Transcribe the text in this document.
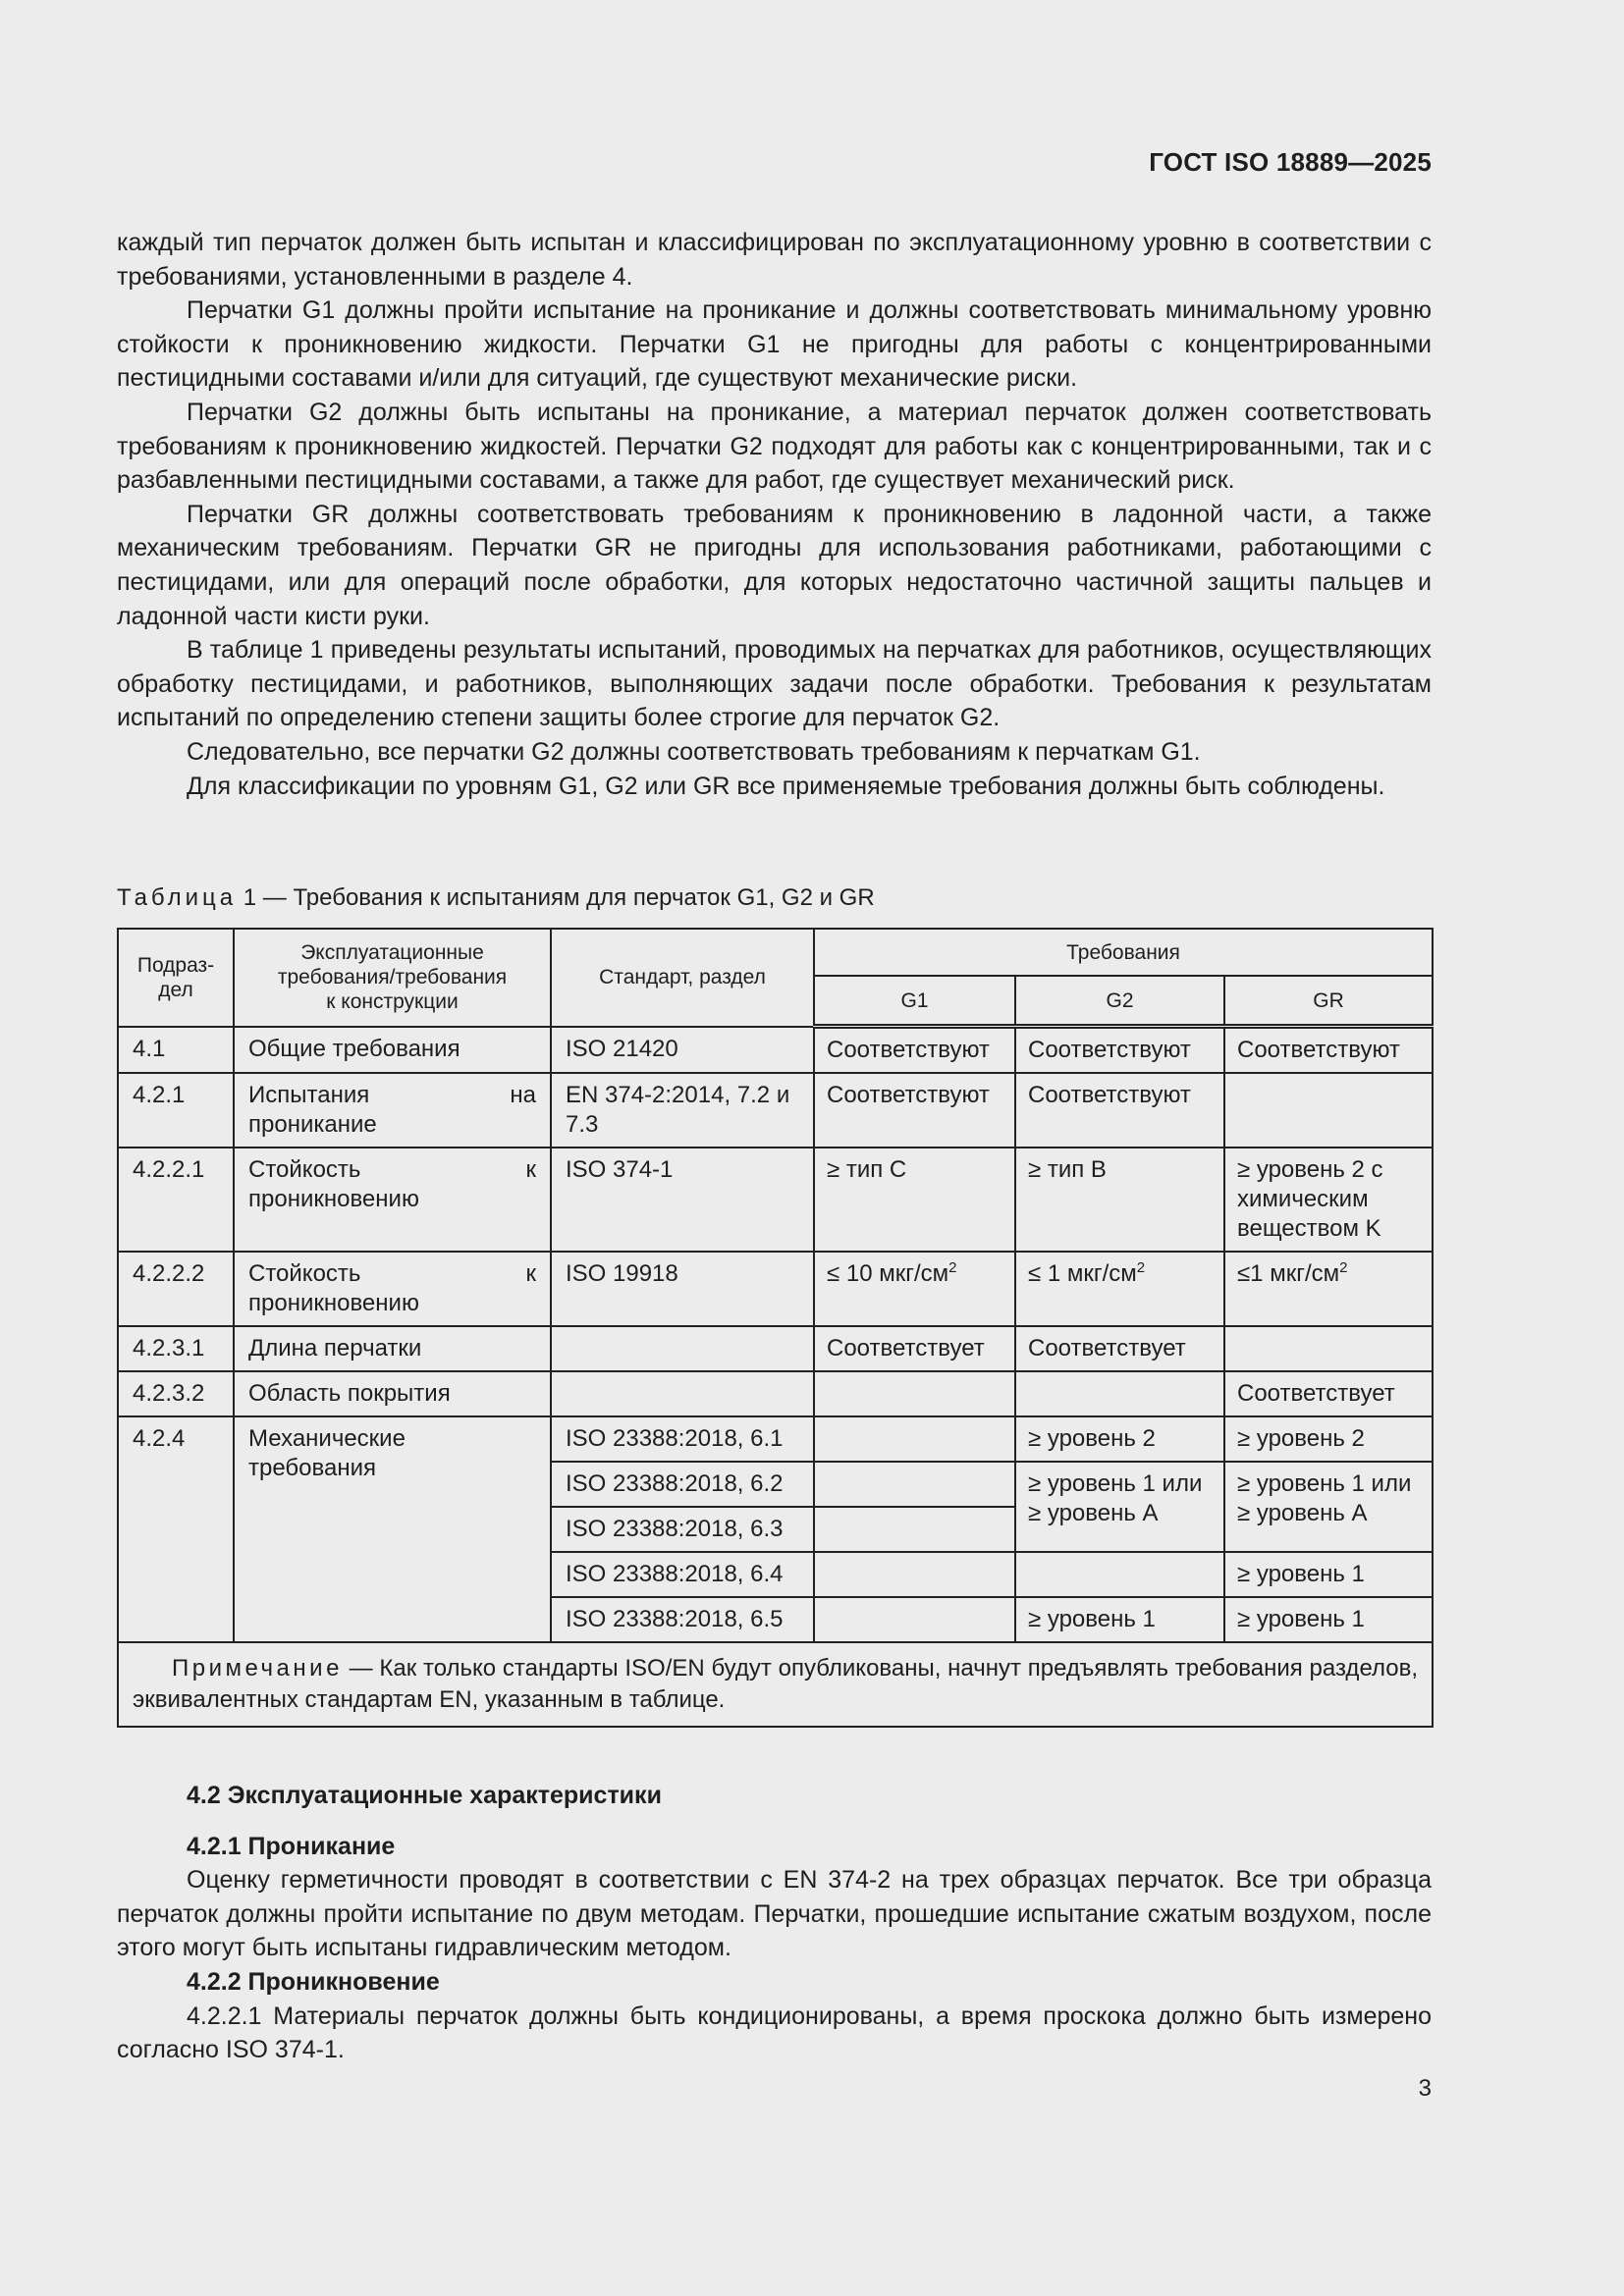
ГОСТ ISO 18889—2025

каждый тип перчаток должен быть испытан и классифицирован по эксплуатационному уровню в соответствии с требованиями, установленными в разделе 4.

Перчатки G1 должны пройти испытание на проникание и должны соответствовать минимальному уровню стойкости к проникновению жидкости. Перчатки G1 не пригодны для работы с концентрированными пестицидными составами и/или для ситуаций, где существуют механические риски.

Перчатки G2 должны быть испытаны на проникание, а материал перчаток должен соответствовать требованиям к проникновению жидкостей. Перчатки G2 подходят для работы как с концентрированными, так и с разбавленными пестицидными составами, а также для работ, где существует механический риск.

Перчатки GR должны соответствовать требованиям к проникновению в ладонной части, а также механическим требованиям. Перчатки GR не пригодны для использования работниками, работающими с пестицидами, или для операций после обработки, для которых недостаточно частичной защиты пальцев и ладонной части кисти руки.

В таблице 1 приведены результаты испытаний, проводимых на перчатках для работников, осуществляющих обработку пестицидами, и работников, выполняющих задачи после обработки. Требования к результатам испытаний по определению степени защиты более строгие для перчаток G2.

Следовательно, все перчатки G2 должны соответствовать требованиям к перчаткам G1.

Для классификации по уровням G1, G2 или GR все применяемые требования должны быть соблюдены.

Таблица 1 — Требования к испытаниям для перчаток G1, G2 и GR
Подраз-
дел	Эксплуатационные
требования/требования
к конструкции	Стандарт, раздел	Требования		
			G1	G2	GR
4.1	Общие требования	ISO 21420	Соответствуют	Соответствуют	Соответствуют
4.2.1	Испытания на проникание	EN 374-2:2014, 7.2 и 7.3	Соответствуют	Соответствуют	
4.2.2.1	Стойкость к проникновению	ISO 374-1	≥ тип C	≥ тип B	≥ уровень 2 с химическим веществом K
4.2.2.2	Стойкость к проникновению	ISO 19918	≤ 10 мкг/$см^2$	≤ 1 мкг/$см^2$	≤1 мкг/$см^2$
4.2.3.1	Длина перчатки		Соответствует	Соответствует	
4.2.3.2	Область покрытия				Соответствует
4.2.4	Механические требования	ISO 23388:2018, 6.1		≥ уровень 2	≥ уровень 2
		ISO 23388:2018, 6.2		≥ уровень 1 или ≥ уровень A	≥ уровень 1 или ≥ уровень A
		ISO 23388:2018, 6.3			
		ISO 23388:2018, 6.4			≥ уровень 1
		ISO 23388:2018, 6.5		≥ уровень 1	≥ уровень 1
Примечание — Как только стандарты ISO/EN будут опубликованы, начнут предъявлять требования разделов, эквивалентных стандартам EN, указанным в таблице.					

4.2 Эксплуатационные характеристики

4.2.1 Проникание

Оценку герметичности проводят в соответствии с EN 374-2 на трех образцах перчаток. Все три образца перчаток должны пройти испытание по двум методам. Перчатки, прошедшие испытание сжатым воздухом, после этого могут быть испытаны гидравлическим методом.

4.2.2 Проникновение

4.2.2.1 Материалы перчаток должны быть кондиционированы, а время проскока должно быть измерено согласно ISO 374-1.

3
